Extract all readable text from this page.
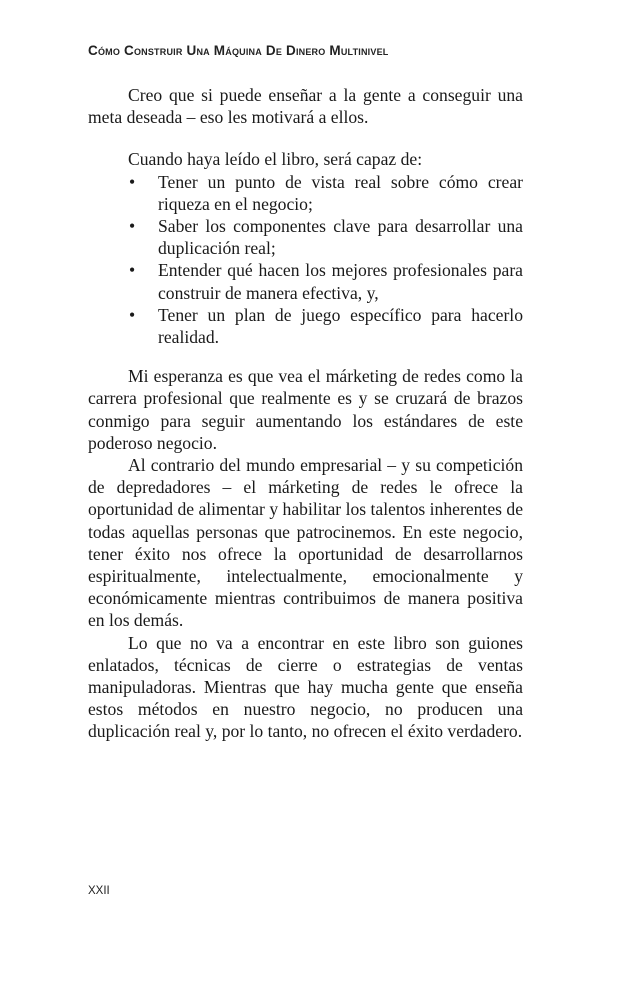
Cómo Construir Una Máquina De Dinero Multinivel

Creo que si puede enseñar a la gente a conseguir una meta deseada – eso les motivará a ellos.

Cuando haya leído el libro, será capaz de:

• Tener un punto de vista real sobre cómo crear riqueza en el negocio;
• Saber los componentes clave para desarrollar una duplicación real;
• Entender qué hacen los mejores profesionales para construir de manera efectiva, y,
• Tener un plan de juego específico para hacerlo realidad.

Mi esperanza es que vea el márketing de redes como la carrera profesional que realmente es y se cruzará de brazos conmigo para seguir aumentando los estándares de este poderoso negocio.

Al contrario del mundo empresarial – y su competición de depredadores – el márketing de redes le ofrece la oportunidad de alimentar y habilitar los talentos inherentes de todas aquellas personas que patrocinemos. En este negocio, tener éxito nos ofrece la oportunidad de desarrollarnos espiritualmente, intelectualmente, emocionalmente y económicamente mientras contribuimos de manera positiva en los demás.

Lo que no va a encontrar en este libro son guiones enlatados, técnicas de cierre o estrategias de ventas manipuladoras. Mientras que hay mucha gente que enseña estos métodos en nuestro negocio, no producen una duplicación real y, por lo tanto, no ofrecen el éxito verdadero.

XXII
